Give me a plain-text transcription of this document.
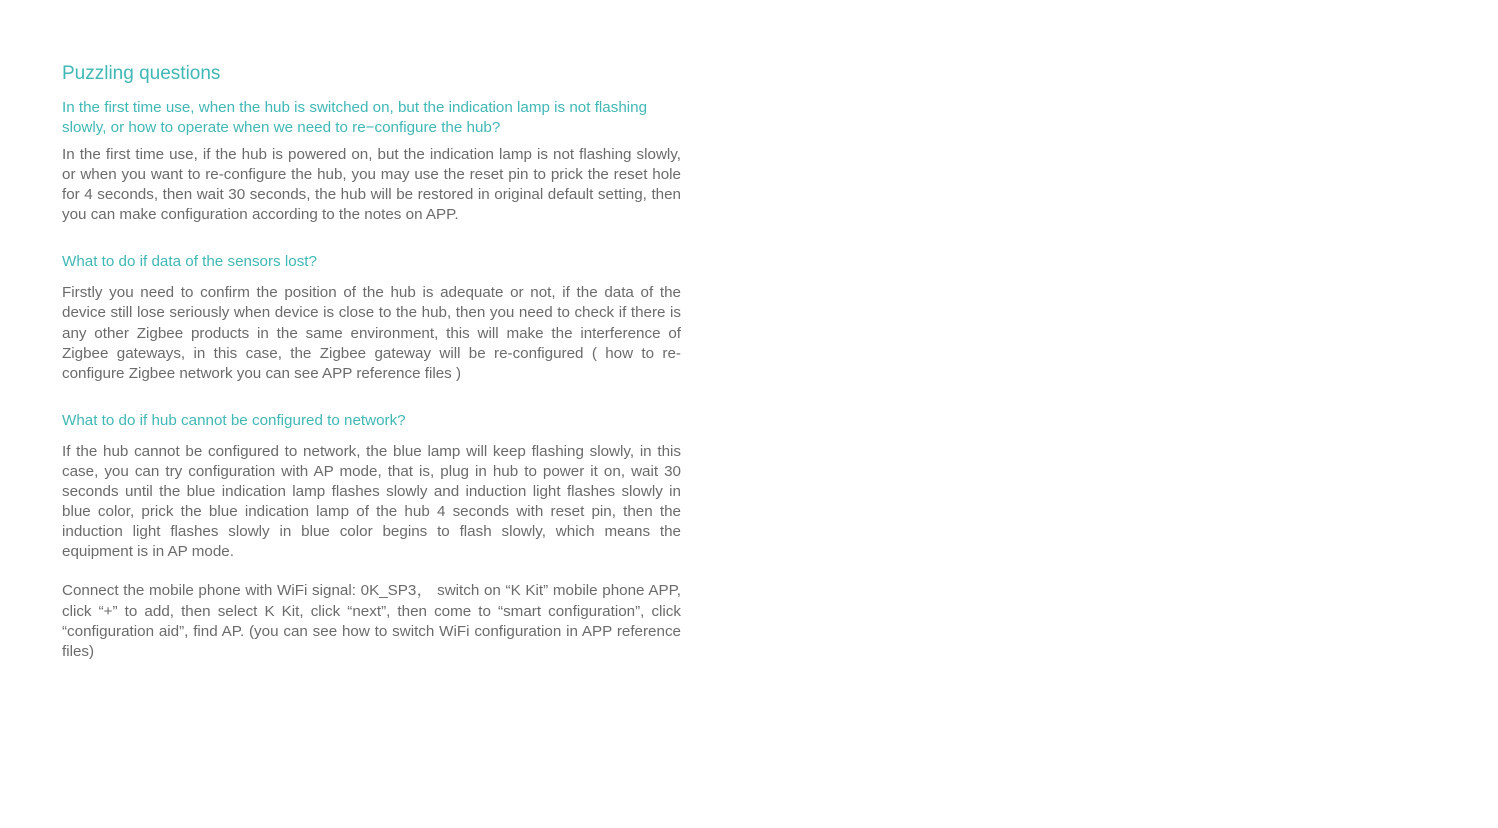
Puzzling questions

In the first time use, when the hub is switched on, but the indication lamp is not flashing slowly, or how to operate when we need to re−configure the hub?

In the first time use, if the hub is powered on, but the indication lamp is not flashing slowly, or when you want to re-configure the hub, you may use the reset pin to prick the reset hole for 4 seconds, then wait 30 seconds, the hub will be restored in original default setting, then you can make configuration according to the notes on APP.

What to do if data of the sensors lost?

Firstly you need to confirm the position of the hub is adequate or not, if the data of the device still lose seriously when device is close to the hub, then you need to check if there is any other Zigbee products in the same environment, this will make the interference of Zigbee gateways, in this case, the Zigbee gateway will be re-configured ( how to re-configure Zigbee network you can see APP reference files )

What to do if hub cannot be configured to network?

If the hub cannot be configured to network, the blue lamp will keep flashing slowly, in this case, you can try configuration with AP mode, that is, plug in hub to power it on, wait 30 seconds until the blue indication lamp flashes slowly and induction light flashes slowly in blue color, prick the blue indication lamp of the hub 4 seconds with reset pin, then the induction light flashes slowly in blue color begins to flash slowly, which means the equipment is in AP mode.

Connect the mobile phone with WiFi signal: 0K_SP3， switch on “K Kit” mobile phone APP, click “+” to add, then select K Kit, click “next”, then come to “smart configuration”, click “configuration aid”, find AP. (you can see how to switch WiFi configuration in APP reference files)
